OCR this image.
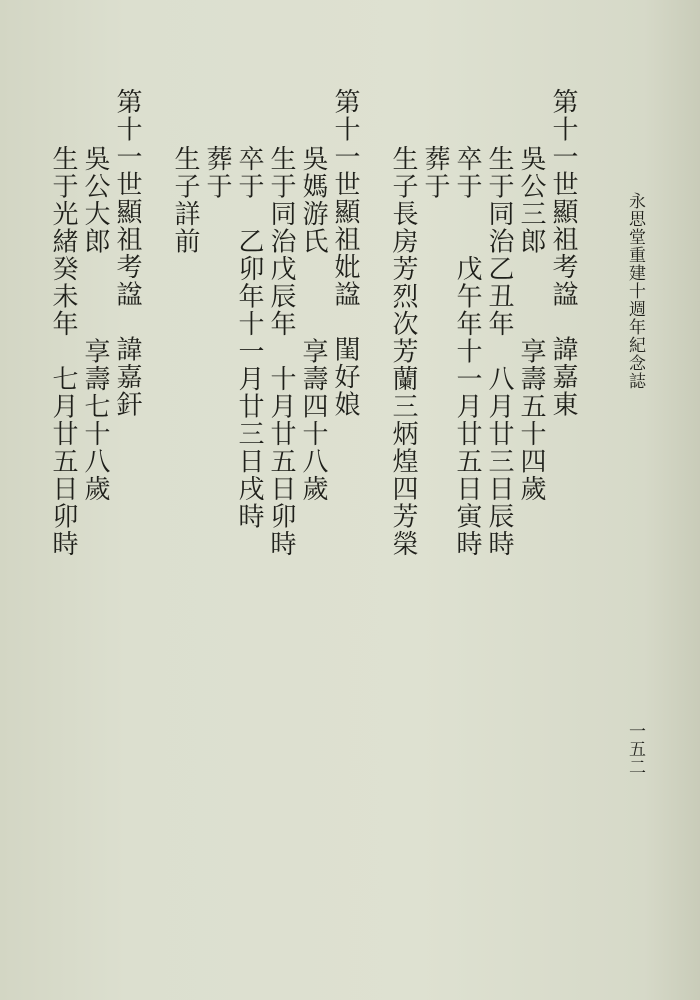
永思堂重建十週年紀念誌
一五二
第十一世顯祖考諡　諱嘉東
吳公三郎　　　享壽五十四歲
生于同治乙丑年　八月廿三日辰時
卒于　　戊午年十一月廿五日寅時
葬于
生子長房芳烈次芳蘭三炳煌四芳榮
第十一世顯祖妣諡　閨好娘
吳媽游氏　　　享壽四十八歲
生于同治戊辰年　十月廿五日卯時
卒于　乙卯年十一月廿三日戌時
葬于
生子詳前
第十一世顯祖考諡　諱嘉釬
吳公大郎　　　享壽七十八歲
生于光緒癸未年　七月廿五日卯時
